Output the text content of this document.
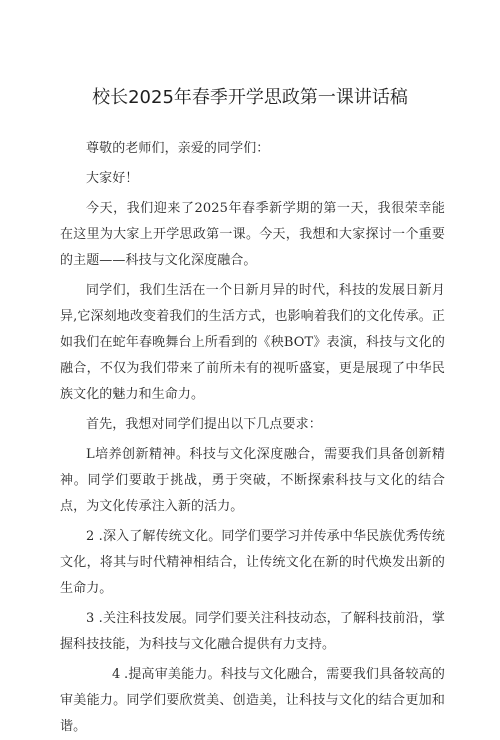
校长2025年春季开学思政第一课讲话稿

尊敬的老师们，亲爱的同学们：

大家好！

今天，我们迎来了2025年春季新学期的第一天，我很荣幸能在这里为大家上开学思政第一课。今天，我想和大家探讨一个重要的主题——科技与文化深度融合。

同学们，我们生活在一个日新月异的时代，科技的发展日新月异,它深刻地改变着我们的生活方式，也影响着我们的文化传承。正如我们在蛇年春晚舞台上所看到的《秧BOT》表演，科技与文化的融合，不仅为我们带来了前所未有的视听盛宴，更是展现了中华民族文化的魅力和生命力。

首先，我想对同学们提出以下几点要求：

L培养创新精神。科技与文化深度融合，需要我们具备创新精神。同学们要敢于挑战，勇于突破，不断探索科技与文化的结合点，为文化传承注入新的活力。

2 .深入了解传统文化。同学们要学习并传承中华民族优秀传统文化，将其与时代精神相结合，让传统文化在新的时代焕发出新的生命力。

3 .关注科技发展。同学们要关注科技动态，了解科技前沿，掌握科技技能，为科技与文化融合提供有力支持。

4 .提高审美能力。科技与文化融合，需要我们具备较高的审美能力。同学们要欣赏美、创造美，让科技与文化的结合更加和谐。
